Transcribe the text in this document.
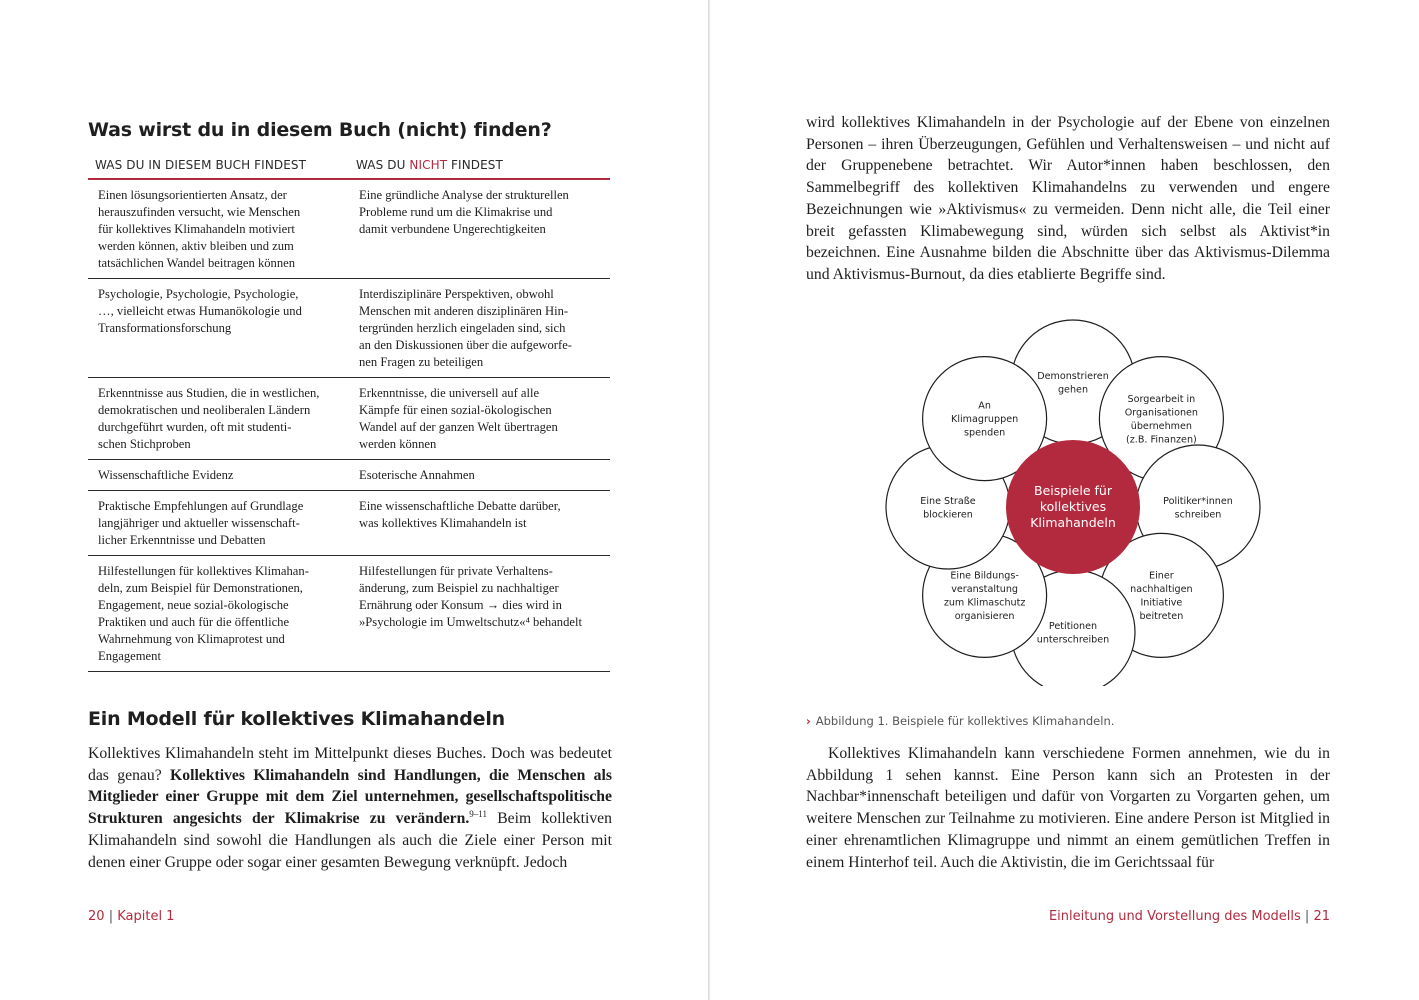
Was wirst du in diesem Buch (nicht) finden?
WAS DU IN DIESEM BUCH FINDEST	WAS DU NICHT FINDEST
Einen lösungsorientierten Ansatz, der
herauszufinden versucht, wie Menschen
für kollektives Klimahandeln motiviert
werden können, aktiv bleiben und zum
tatsächlichen Wandel beitragen können
Eine gründliche Analyse der strukturellen
Probleme rund um die Klimakrise und
damit verbundene Ungerechtigkeiten
Psychologie, Psychologie, Psychologie,
…, vielleicht etwas Humanökologie und
Transformationsforschung
Interdisziplinäre Perspektiven, obwohl
Menschen mit anderen disziplinären Hin-
tergründen herzlich eingeladen sind, sich
an den Diskussionen über die aufgeworfe-
nen Fragen zu beteiligen
Erkenntnisse aus Studien, die in westlichen,
demokratischen und neoliberalen Ländern
durchgeführt wurden, oft mit studenti-
schen Stichproben
Erkenntnisse, die universell auf alle
Kämpfe für einen sozial-ökologischen
Wandel auf der ganzen Welt übertragen
werden können
Wissenschaftliche Evidenz	Esoterische Annahmen
Praktische Empfehlungen auf Grundlage
langjähriger und aktueller wissenschaft-
licher Erkenntnisse und Debatten
Eine wissenschaftliche Debatte darüber,
was kollektives Klimahandeln ist
Hilfestellungen für kollektives Klimahan-
deln, zum Beispiel für Demonstrationen,
Engagement, neue sozial-ökologische
Praktiken und auch für die öffentliche
Wahrnehmung von Klimaprotest und
Engagement
Hilfestellungen für private Verhaltens-
änderung, zum Beispiel zu nachhaltiger
Ernährung oder Konsum → dies wird in
»Psychologie im Umweltschutz«⁴ behandelt
Ein Modell für kollektives Klimahandeln

Kollektives Klimahandeln steht im Mittelpunkt dieses Buches. Doch was bedeutet das genau? Kollektives Klimahandeln sind Handlungen, die Menschen als Mitglieder einer Gruppe mit dem Ziel unternehmen, gesellschaftspolitische Strukturen angesichts der Klimakrise zu verändern.$^{9-11}$ Beim kollektiven Klimahandeln sind sowohl die Handlungen als auch die Ziele einer Person mit denen einer Gruppe oder sogar einer gesamten Bewegung verknüpft. Jedoch

20 | Kapitel 1

wird kollektives Klimahandeln in der Psychologie auf der Ebene von einzelnen Personen – ihren Überzeugungen, Gefühlen und Verhaltensweisen – und nicht auf der Gruppenebene betrachtet. Wir Autor*innen haben beschlossen, den Sammelbegriff des kollektiven Klimahandelns zu verwenden und engere Bezeichnungen wie »Aktivismus« zu vermeiden. Denn nicht alle, die Teil einer breit gefassten Klimabewegung sind, würden sich selbst als Aktivist*in bezeichnen. Eine Ausnahme bilden die Abschnitte über das Aktivismus-Dilemma und Aktivismus-Burnout, da dies etablierte Begriffe sind.

Demonstrieren gehen
Sorgearbeit in Organisationen übernehmen (z.B. Finanzen)
Politiker*innen schreiben
Einer nachhaltigen Initiative beitreten
Petitionen unterschreiben
Eine Bildungs-veranstaltung zum Klimaschutz organisieren
Eine Straße blockieren
An Klimagruppen spenden
Beispiele für kollektives Klimahandeln
› Abbildung 1. Beispiele für kollektives Klimahandeln.

Kollektives Klimahandeln kann verschiedene Formen annehmen, wie du in Abbildung 1 sehen kannst. Eine Person kann sich an Protesten in der Nachbar*innenschaft beteiligen und dafür von Vorgarten zu Vorgarten gehen, um weitere Menschen zur Teilnahme zu motivieren. Eine andere Person ist Mitglied in einer ehrenamtlichen Klimagruppe und nimmt an einem gemütlichen Treffen in einem Hinterhof teil. Auch die Aktivistin, die im Gerichtssaal für

Einleitung und Vorstellung des Modells | 21
